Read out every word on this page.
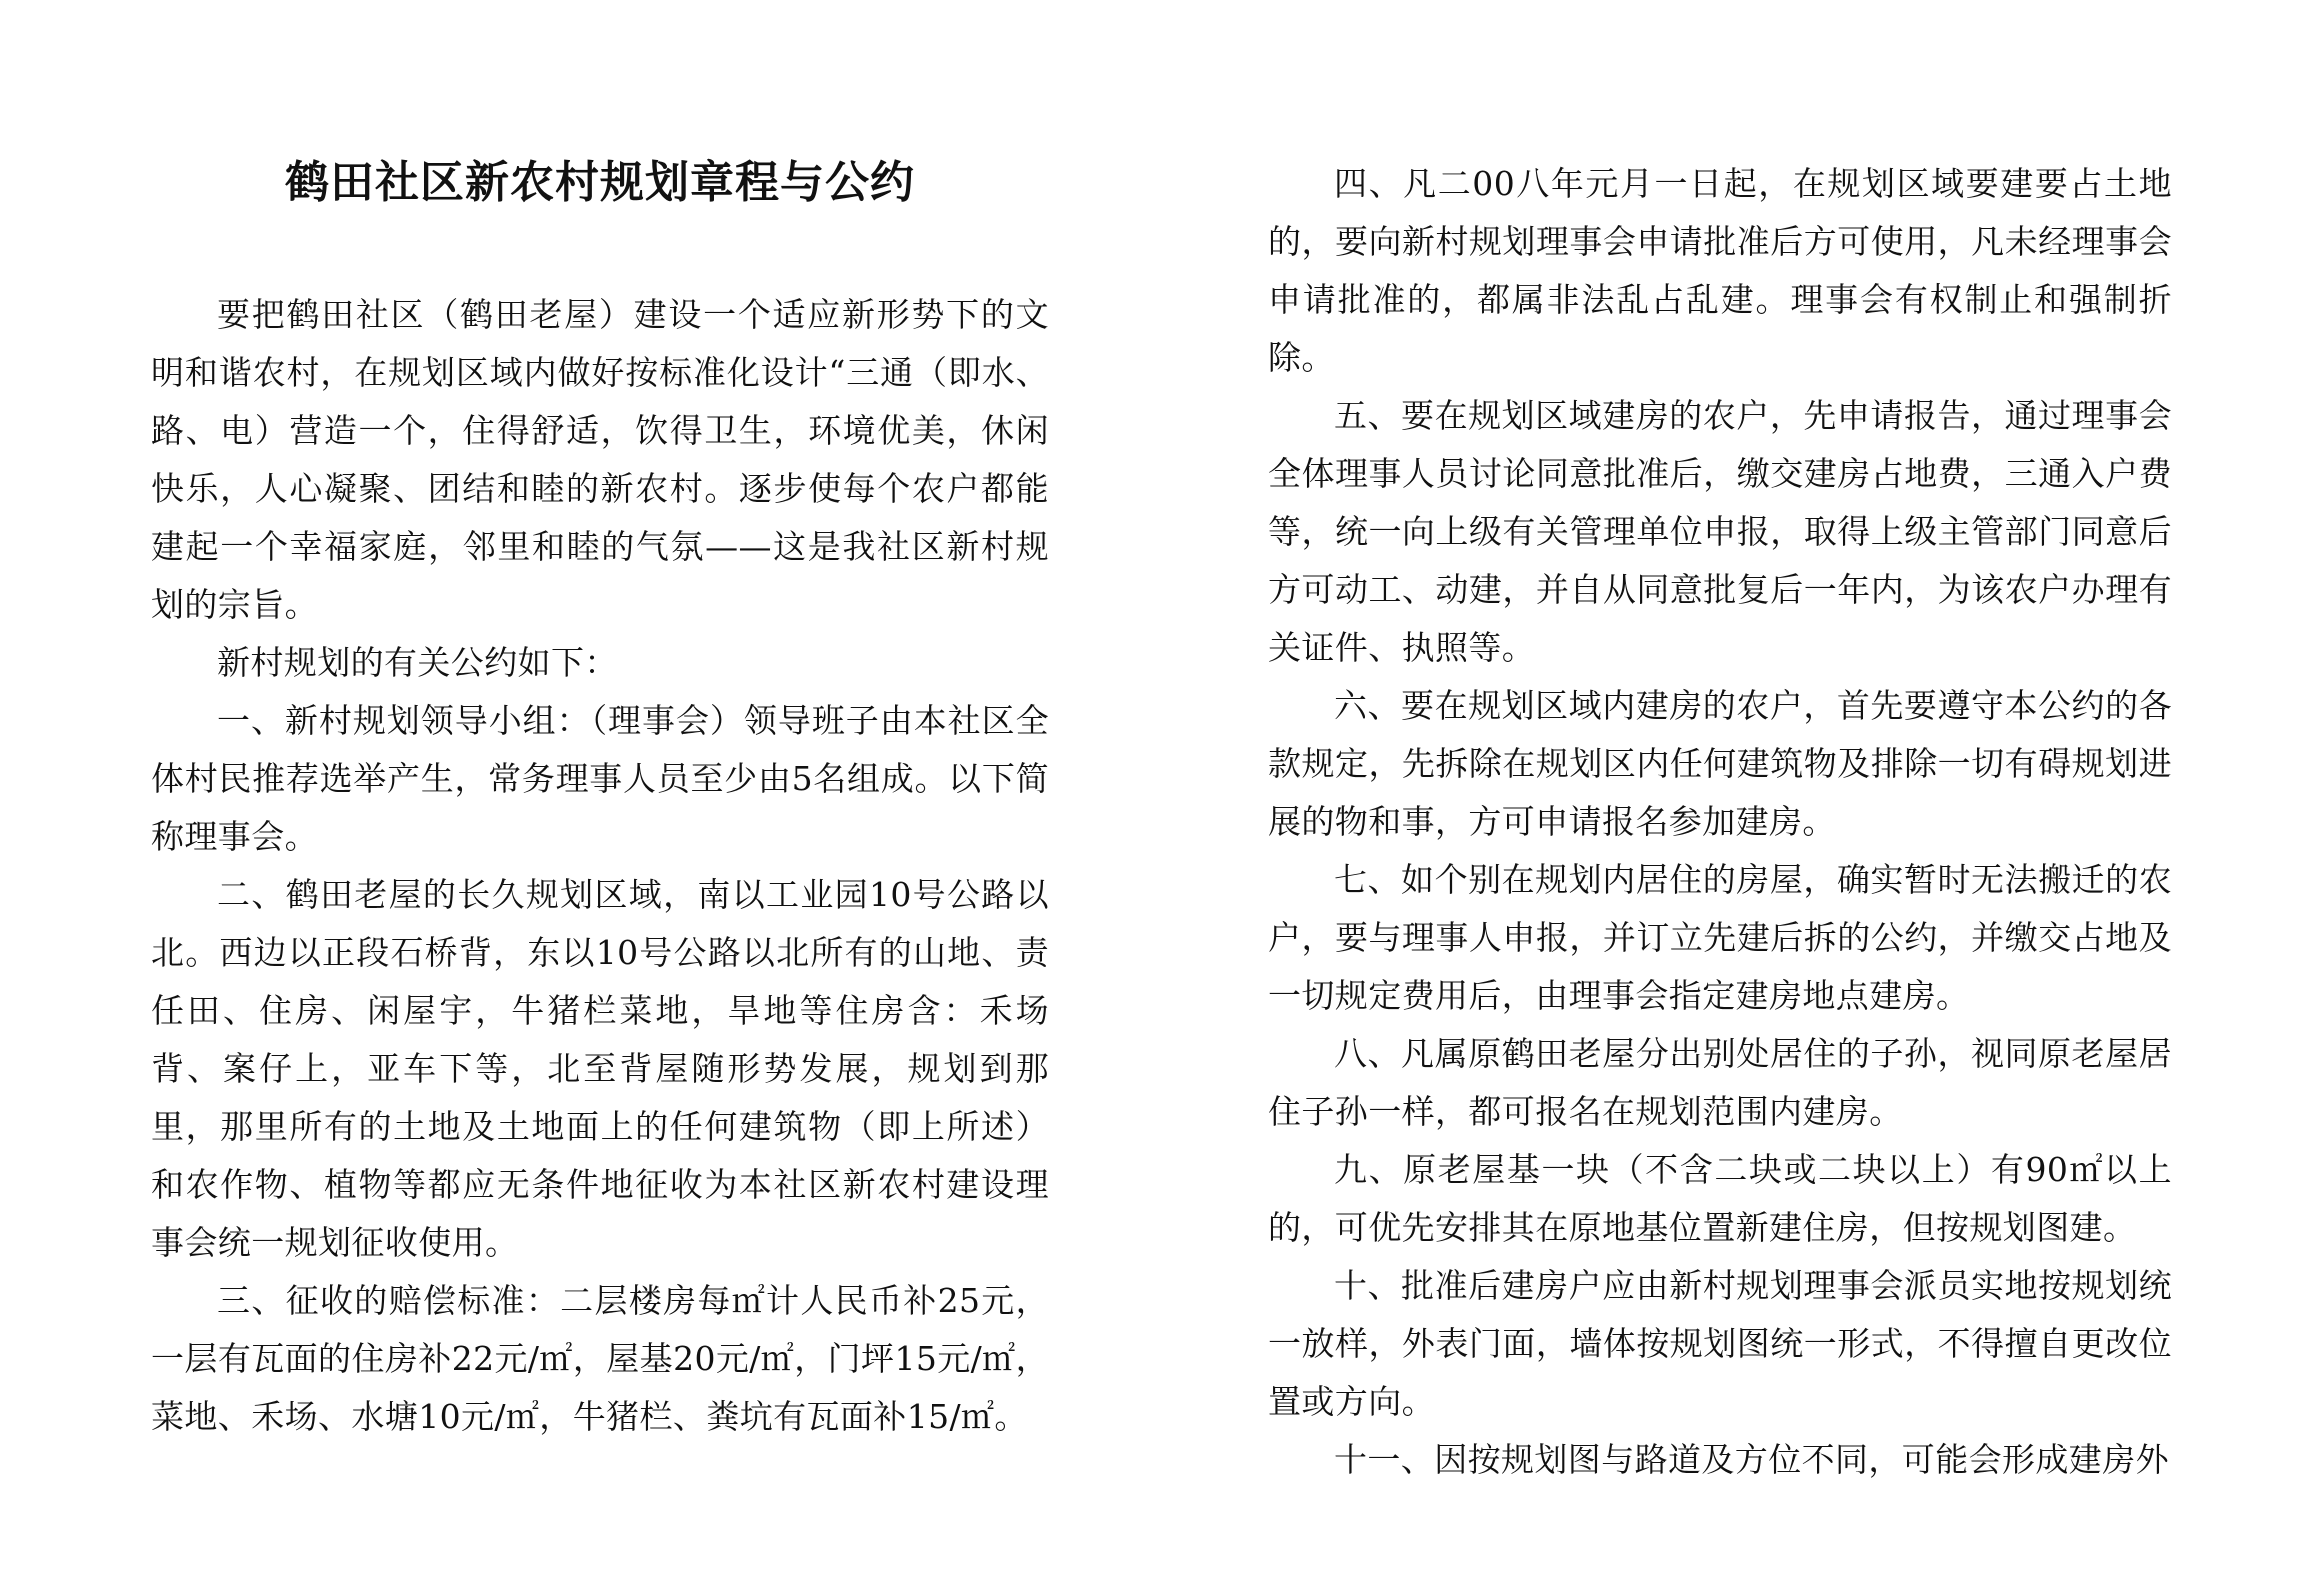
鹤田社区新农村规划章程与公约

要把鹤田社区（鹤田老屋）建设一个适应新形势下的文明和谐农村，在规划区域内做好按标准化设计“三通（即水、路、电）营造一个，住得舒适，饮得卫生，环境优美，休闲快乐，人心凝聚、团结和睦的新农村。逐步使每个农户都能建起一个幸福家庭，邻里和睦的气氛——这是我社区新村规划的宗旨。

新村规划的有关公约如下：

一、新村规划领导小组：（理事会）领导班子由本社区全体村民推荐选举产生，常务理事人员至少由5名组成。以下简称理事会。

二、鹤田老屋的长久规划区域，南以工业园10号公路以北。西边以正段石桥背，东以10号公路以北所有的山地、责任田、住房、闲屋宇，牛猪栏菜地，旱地等住房含：禾场背、案仔上，亚车下等，北至背屋随形势发展，规划到那里，那里所有的土地及土地面上的任何建筑物（即上所述）和农作物、植物等都应无条件地征收为本社区新农村建设理事会统一规划征收使用。

三、征收的赔偿标准：二层楼房每㎡计人民币补25元，一层有瓦面的住房补22元/㎡，屋基20元/㎡，门坪15元/㎡，菜地、禾场、水塘10元/㎡，牛猪栏、粪坑有瓦面补15/㎡。

四、凡二00八年元月一日起，在规划区域要建要占土地的，要向新村规划理事会申请批准后方可使用，凡未经理事会申请批准的，都属非法乱占乱建。理事会有权制止和强制折除。

五、要在规划区域建房的农户，先申请报告，通过理事会全体理事人员讨论同意批准后，缴交建房占地费，三通入户费等，统一向上级有关管理单位申报，取得上级主管部门同意后方可动工、动建，并自从同意批复后一年内，为该农户办理有关证件、执照等。

六、要在规划区域内建房的农户，首先要遵守本公约的各款规定，先拆除在规划区内任何建筑物及排除一切有碍规划进展的物和事，方可申请报名参加建房。

七、如个别在规划内居住的房屋，确实暂时无法搬迁的农户，要与理事人申报，并订立先建后拆的公约，并缴交占地及一切规定费用后，由理事会指定建房地点建房。

八、凡属原鹤田老屋分出别处居住的子孙，视同原老屋居住子孙一样，都可报名在规划范围内建房。

九、原老屋基一块（不含二块或二块以上）有90㎡以上的，可优先安排其在原地基位置新建住房，但按规划图建。

十、批准后建房户应由新村规划理事会派员实地按规划统一放样，外表门面，墙体按规划图统一形式，不得擅自更改位置或方向。

十一、因按规划图与路道及方位不同，可能会形成建房外
